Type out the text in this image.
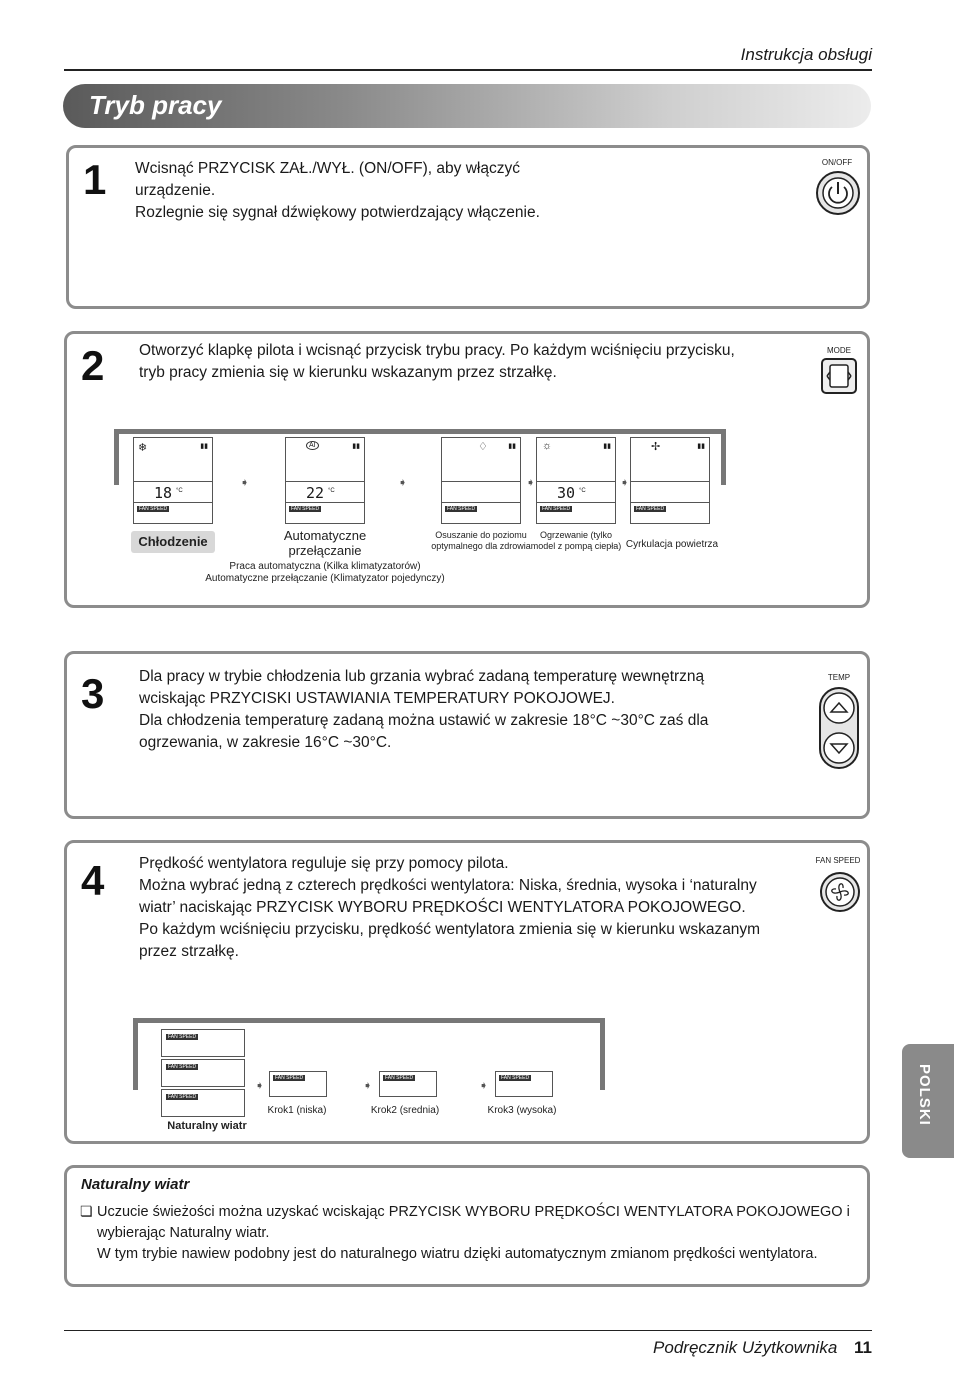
Instrukcja obsługi
Tryb pracy
1 Wcisnąć PRZYCISK ZAŁ./WYŁ. (ON/OFF), aby włączyć

urządzenie.

Rozlegnie się sygnał dźwiękowy potwierdzający włączenie.

ON/OFF
2 Otworzyć klapkę pilota i wcisnąć przycisk trybu pracy. Po każdym wciśnięciu przycisku,

tryb pracy zmienia się w kierunku wskazanym przez strzałkę.

MODE
❄	▮▮
18 °C
FAN SPEED
Chłodzenie
➧
AI	▮▮
22 °C
FAN SPEED
Automatyczne
przełączanie
Praca automatyczna (Kilka klimatyzatorów)
Automatyczne przełączanie (Klimatyzator pojedynczy)
➧
♢	▮▮
FAN SPEED
Osuszanie do poziomu
optymalnego dla zdrowia
➧
☼	▮▮
30 °C
FAN SPEED
Ogrzewanie (tylko
model z pompą ciepła)
➧
✢	▮▮
FAN SPEED
Cyrkulacja powietrza
3 Dla pracy w trybie chłodzenia lub grzania wybrać zadaną temperaturę wewnętrzną

wciskając PRZYCISKI USTAWIANIA TEMPERATURY POKOJOWEJ.

Dla chłodzenia temperaturę zadaną można ustawić w zakresie 18°C ~30°C zaś dla

ogrzewania, w zakresie 16°C ~30°C.

TEMP
4 Prędkość wentylatora reguluje się przy pomocy pilota.

Można wybrać jedną z czterech prędkości wentylatora: Niska, średnia, wysoka i ‘naturalny

wiatr’ naciskając PRZYCISK WYBORU PRĘDKOŚCI WENTYLATORA POKOJOWEGO.

Po każdym wciśnięciu przycisku, prędkość wentylatora zmienia się w kierunku wskazanym

przez strzałkę.

FAN SPEED
FAN SPEED
FAN SPEED
FAN SPEED
Naturalny wiatr
➧
FAN SPEED
Krok1 (niska)
➧
FAN SPEED
Krok2 (srednia)
➧
FAN SPEED
Krok3 (wysoka)
Naturalny wiatr
❏ Uczucie świeżości można uzyskać wciskając PRZYCISK WYBORU PRĘDKOŚCI WENTYLATORA POKOJOWEGO i
wybierając Naturalny wiatr.
W tym trybie nawiew podobny jest do naturalnego wiatru dzięki automatycznym zmianom prędkości wentylatora.
POLSKI
Podręcznik Użytkownika 11
